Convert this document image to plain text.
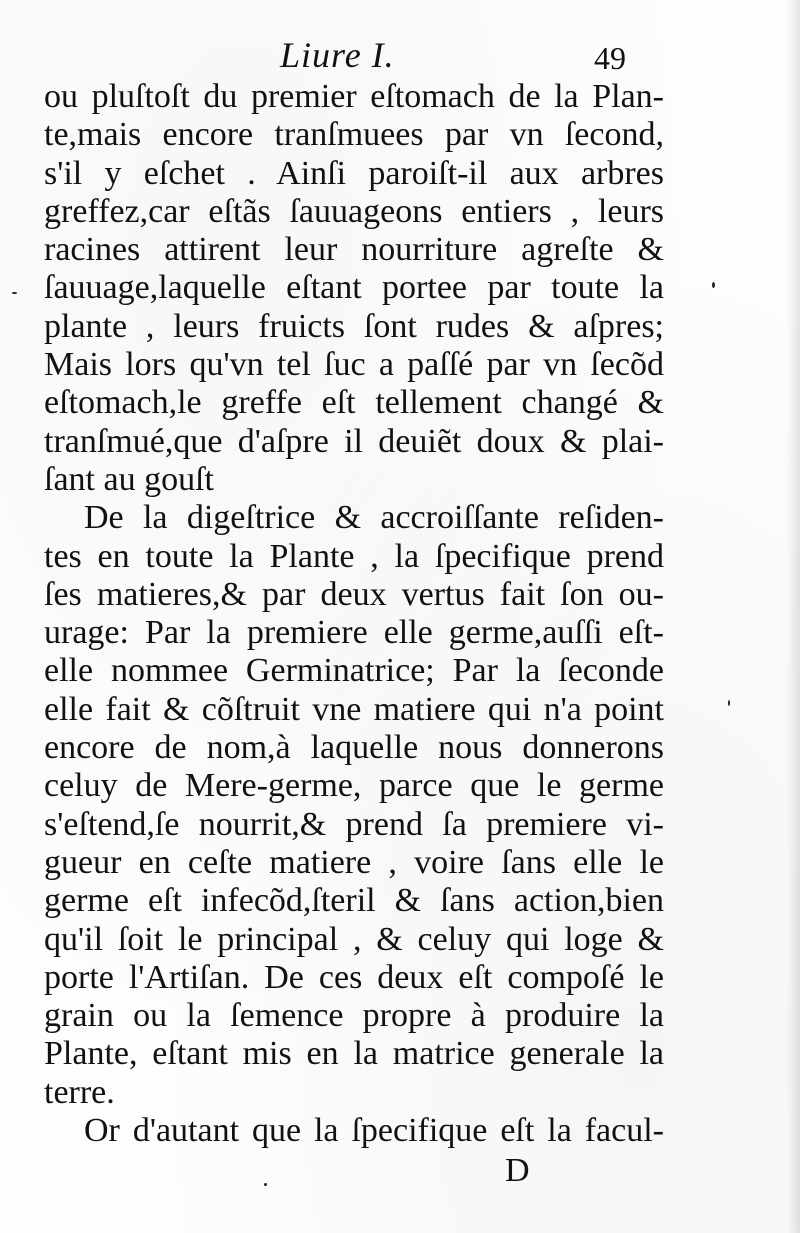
Liure I.	49
ou pluſtoſt du premier eſtomach de la Plan-
te,mais encore tranſmuees par vn ſecond,
s'il y eſchet . Ainſi paroiſt-il aux arbres
greffez,car eſtãs ſauuageons entiers , leurs
racines attirent leur nourriture agreſte &
ſauuage,laquelle eſtant portee par toute la
plante , leurs fruicts ſont rudes & aſpres;
Mais lors qu'vn tel ſuc a paſſé par vn ſecõd
eſtomach,le greffe eſt tellement changé &
tranſmué,que d'aſpre il deuiẽt doux & plai-
ſant au gouſt
De la digeſtrice & accroiſſante reſiden-
tes en toute la Plante , la ſpecifique prend
ſes matieres,& par deux vertus fait ſon ou-
urage: Par la premiere elle germe,auſſi eſt-
elle nommee Germinatrice; Par la ſeconde
elle fait & cõſtruit vne matiere qui n'a point
encore de nom,à laquelle nous donnerons
celuy de Mere-germe, parce que le germe
s'eſtend,ſe nourrit,& prend ſa premiere vi-
gueur en ceſte matiere , voire ſans elle le
germe eſt infecõd,ſteril & ſans action,bien
qu'il ſoit le principal , & celuy qui loge &
porte l'Artiſan. De ces deux eſt compoſé le
grain ou la ſemence propre à produire la
Plante, eſtant mis en la matrice generale la
terre.
Or d'autant que la ſpecifique eſt la facul-
D
